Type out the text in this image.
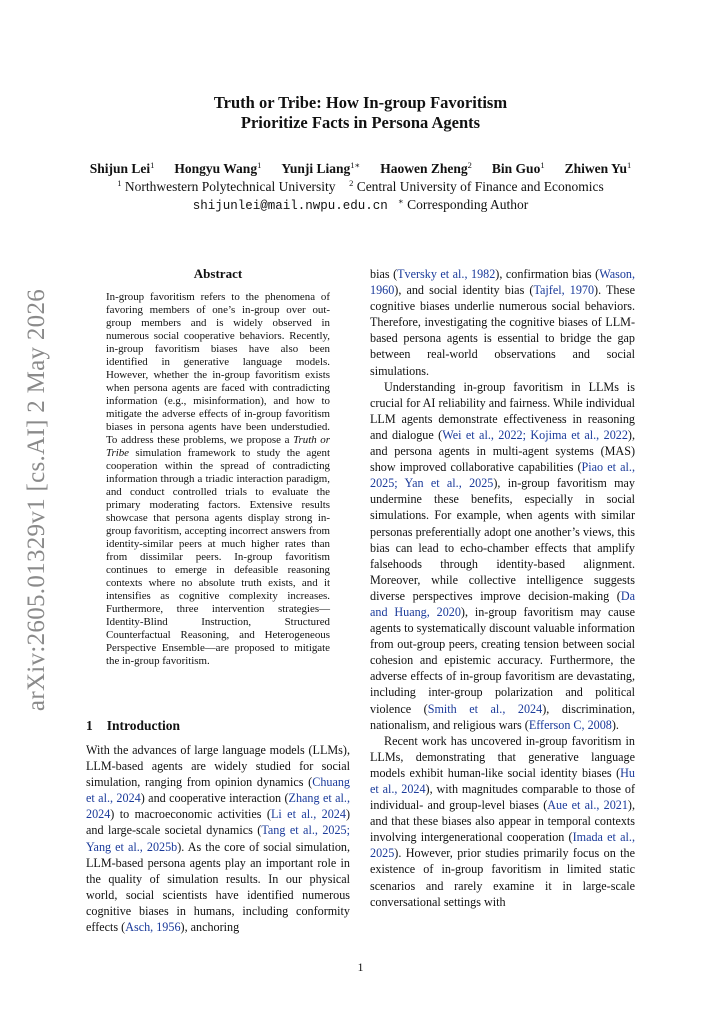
arXiv:2605.01329v1 [cs.AI] 2 May 2026
Truth or Tribe: How In-group Favoritism
Prioritize Facts in Persona Agents
Shijun Lei$^1$ Hongyu Wang$^1$ Yunji Liang$^{1∗}$ Haowen Zheng$^2$ Bin Guo$^1$ Zhiwen Yu$^1$
$^1$ Northwestern Polytechnical University $^2$ Central University of Finance and Economics
shijunlei@mail.nwpu.edu.cn ∗ Corresponding Author
Abstract
In-group favoritism refers to the phenomena of favoring members of one’s in-group over out-group members and is widely observed in numerous social cooperative behaviors. Recently, in-group favoritism biases have also been identified in generative language models. However, whether the in-group favoritism exists when persona agents are faced with contradicting information (e.g., misinformation), and how to mitigate the adverse effects of in-group favoritism biases in persona agents have been understudied. To address these problems, we propose a Truth or Tribe simulation framework to study the agent cooperation within the spread of contradicting information through a triadic interaction paradigm, and conduct controlled trials to evaluate the primary moderating factors. Extensive results showcase that persona agents display strong in-group favoritism, accepting incorrect answers from identity-similar peers at much higher rates than from dissimilar peers. In-group favoritism continues to emerge in defeasible reasoning contexts where no absolute truth exists, and it intensifies as cognitive complexity increases. Furthermore, three intervention strategies—Identity-Blind Instruction, Structured Counterfactual Reasoning, and Heterogeneous Perspective Ensemble—are proposed to mitigate the in-group favoritism.
1 Introduction

With the advances of large language models (LLMs), LLM-based agents are widely studied for social simulation, ranging from opinion dynamics (Chuang et al., 2024) and cooperative interaction (Zhang et al., 2024) to macroeconomic activities (Li et al., 2024) and large-scale societal dynamics (Tang et al., 2025; Yang et al., 2025b). As the core of social simulation, LLM-based persona agents play an important role in the quality of simulation results. In our physical world, social scientists have identified numerous cognitive biases in humans, including conformity effects (Asch, 1956), anchoring

bias (Tversky et al., 1982), confirmation bias (Wason, 1960), and social identity bias (Tajfel, 1970). These cognitive biases underlie numerous social behaviors. Therefore, investigating the cognitive biases of LLM-based persona agents is essential to bridge the gap between real-world observations and social simulations.

Understanding in-group favoritism in LLMs is crucial for AI reliability and fairness. While individual LLM agents demonstrate effectiveness in reasoning and dialogue (Wei et al., 2022; Kojima et al., 2022), and persona agents in multi-agent systems (MAS) show improved collaborative capabilities (Piao et al., 2025; Yan et al., 2025), in-group favoritism may undermine these benefits, especially in social simulations. For example, when agents with similar personas preferentially adopt one another’s views, this bias can lead to echo-chamber effects that amplify falsehoods through identity-based alignment. Moreover, while collective intelligence suggests diverse perspectives improve decision-making (Da and Huang, 2020), in-group favoritism may cause agents to systematically discount valuable information from out-group peers, creating tension between social cohesion and epistemic accuracy. Furthermore, the adverse effects of in-group favoritism are devastating, including inter-group polarization and political violence (Smith et al., 2024), discrimination, nationalism, and religious wars (Efferson C, 2008).

Recent work has uncovered in-group favoritism in LLMs, demonstrating that generative language models exhibit human-like social identity biases (Hu et al., 2024), with magnitudes comparable to those of individual- and group-level biases (Aue et al., 2021), and that these biases also appear in temporal contexts involving intergenerational cooperation (Imada et al., 2025). However, prior studies primarily focus on the existence of in-group favoritism in limited static scenarios and rarely examine it in large-scale conversational settings with

1
